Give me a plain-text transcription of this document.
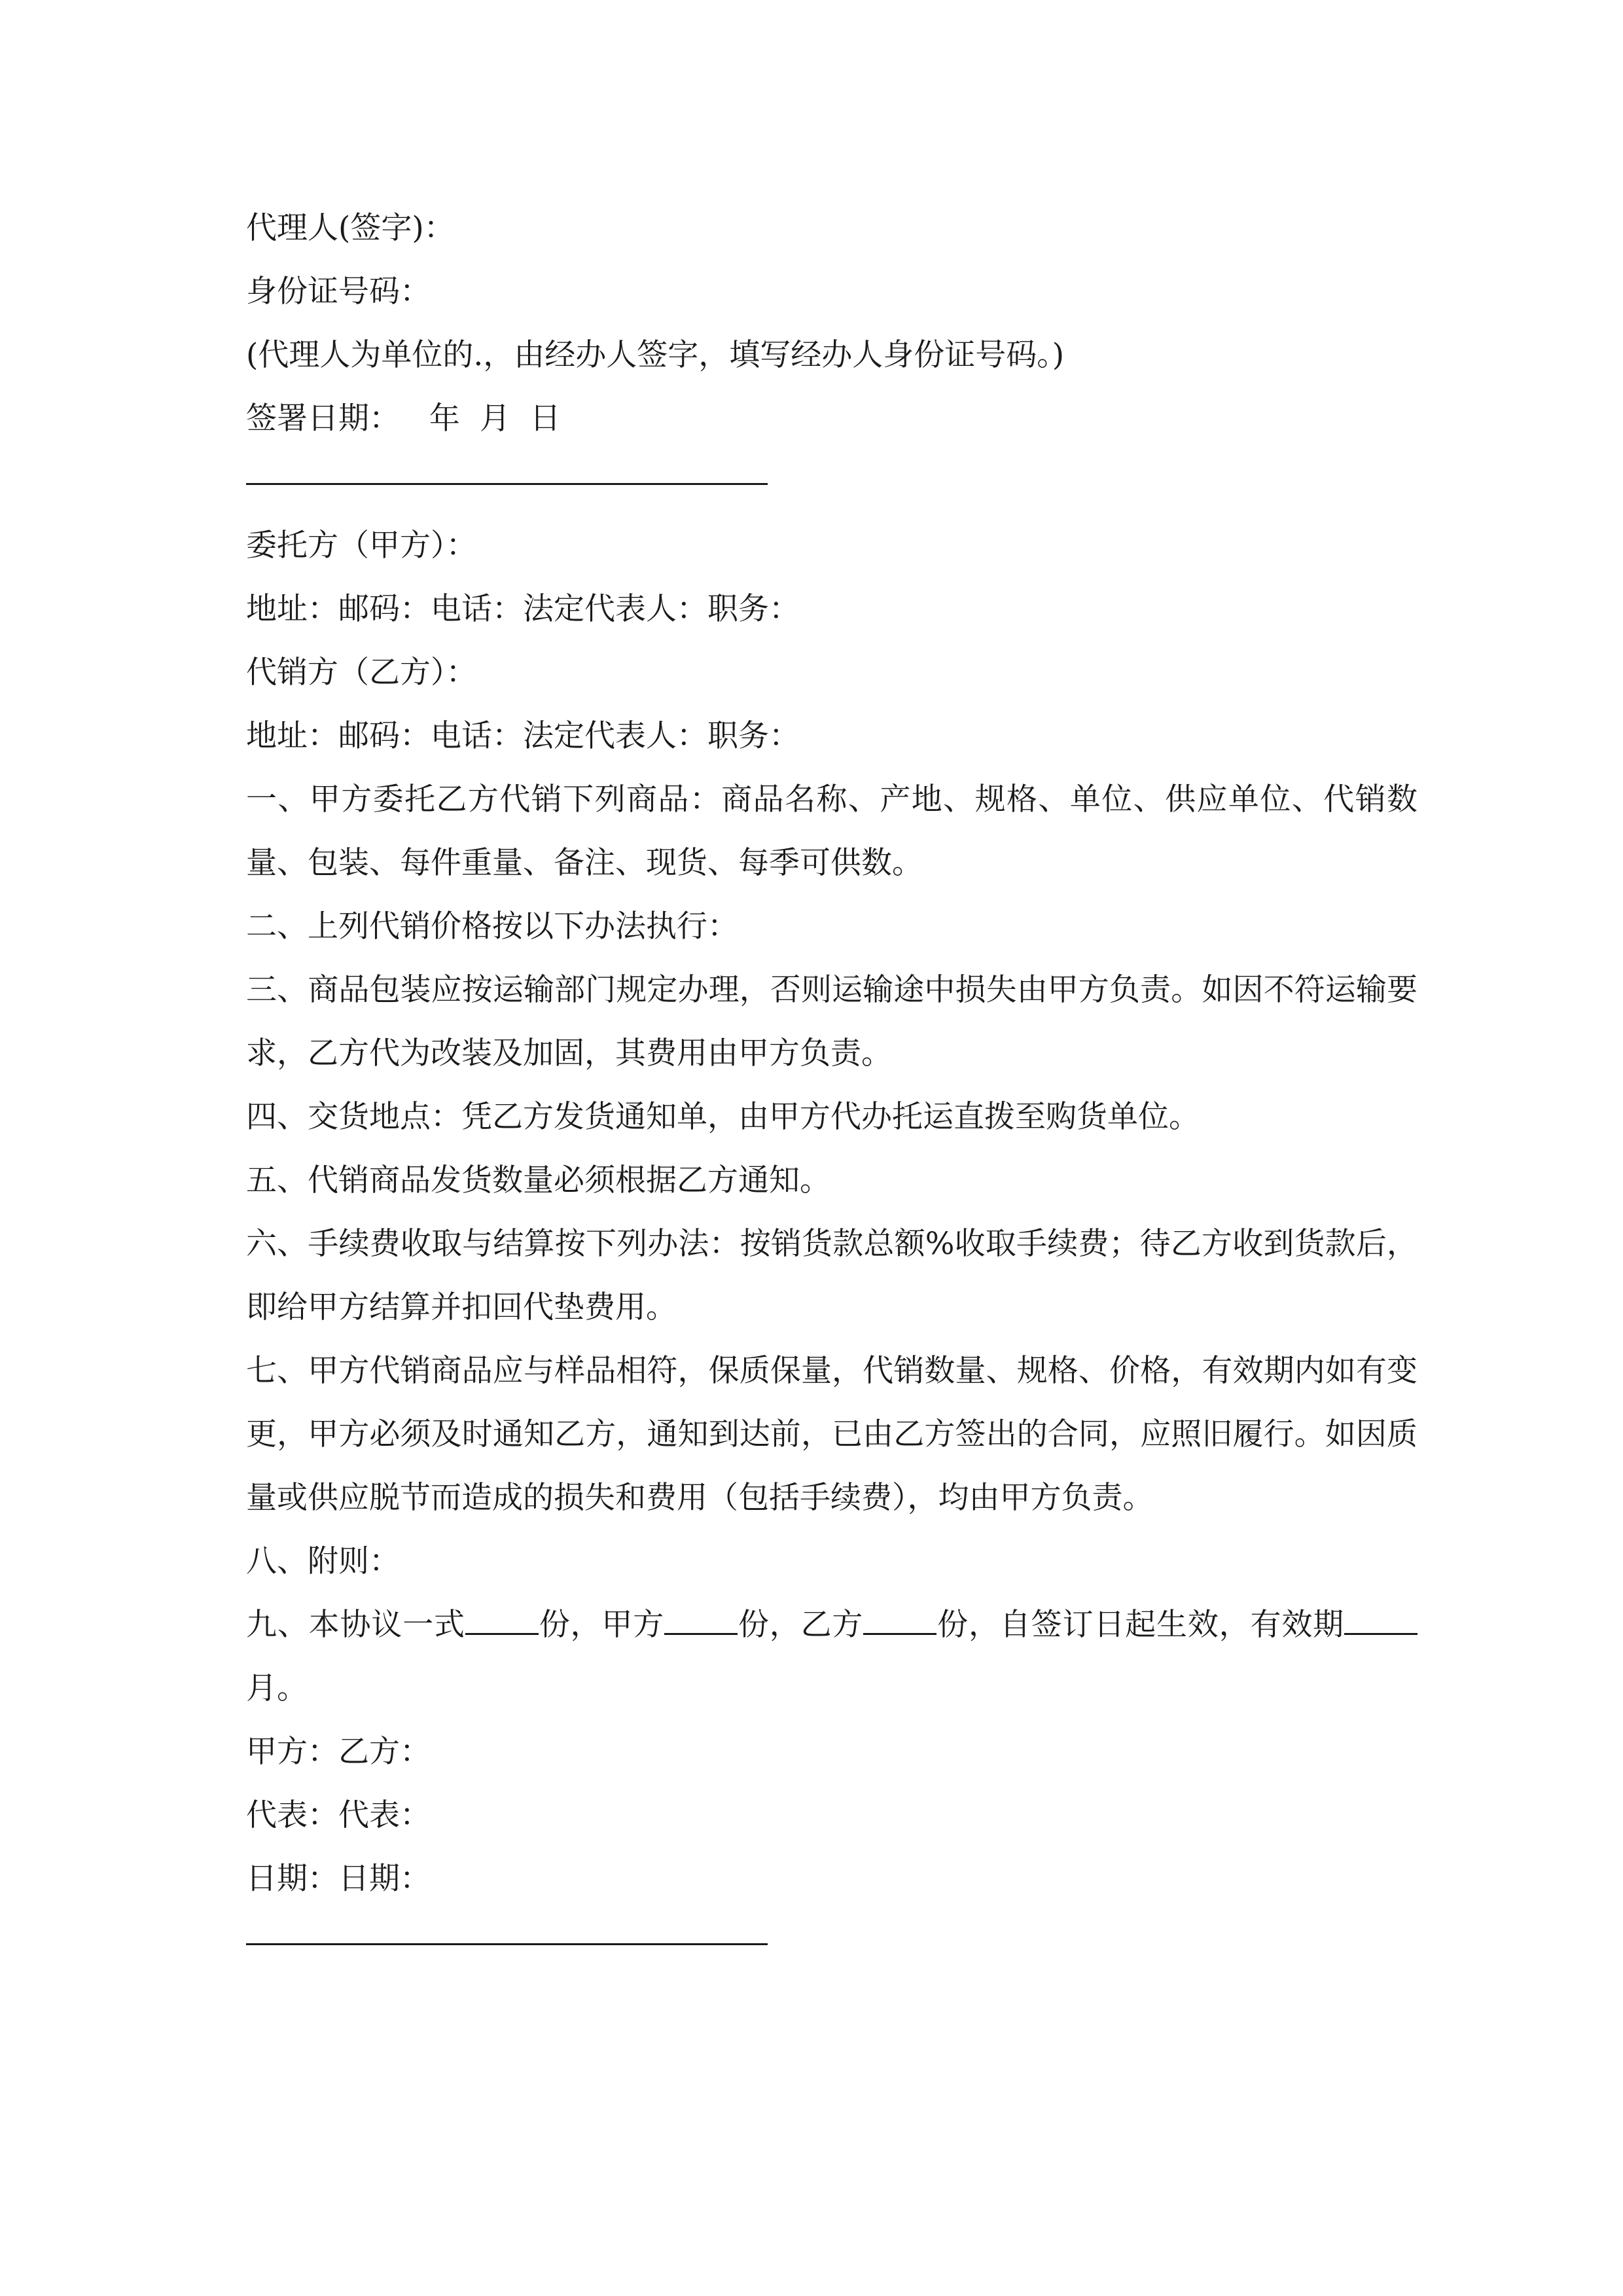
代理人(签字)：
身份证号码：
(代理人为单位的.，由经办人签字，填写经办人身份证号码。)
签署日期：   年  月  日
委托方（甲方）：
地址：邮码：电话：法定代表人：职务：
代销方（乙方）：
地址：邮码：电话：法定代表人：职务：
一、甲方委托乙方代销下列商品：商品名称、产地、规格、单位、供应单位、代销数量、包装、每件重量、备注、现货、每季可供数。
二、上列代销价格按以下办法执行：
三、商品包装应按运输部门规定办理，否则运输途中损失由甲方负责。如因不符运输要求，乙方代为改装及加固，其费用由甲方负责。
四、交货地点：凭乙方发货通知单，由甲方代办托运直拨至购货单位。
五、代销商品发货数量必须根据乙方通知。
六、手续费收取与结算按下列办法：按销货款总额%收取手续费；待乙方收到货款后，即给甲方结算并扣回代垫费用。
七、甲方代销商品应与样品相符，保质保量，代销数量、规格、价格，有效期内如有变更，甲方必须及时通知乙方，通知到达前，已由乙方签出的合同，应照旧履行。如因质量或供应脱节而造成的损失和费用（包括手续费），均由甲方负责。
八、附则：
九、本协议一式 份，甲方 份，乙方 份，自签订日起生效，有效期月。
甲方：乙方：
代表：代表：
日期：日期：
